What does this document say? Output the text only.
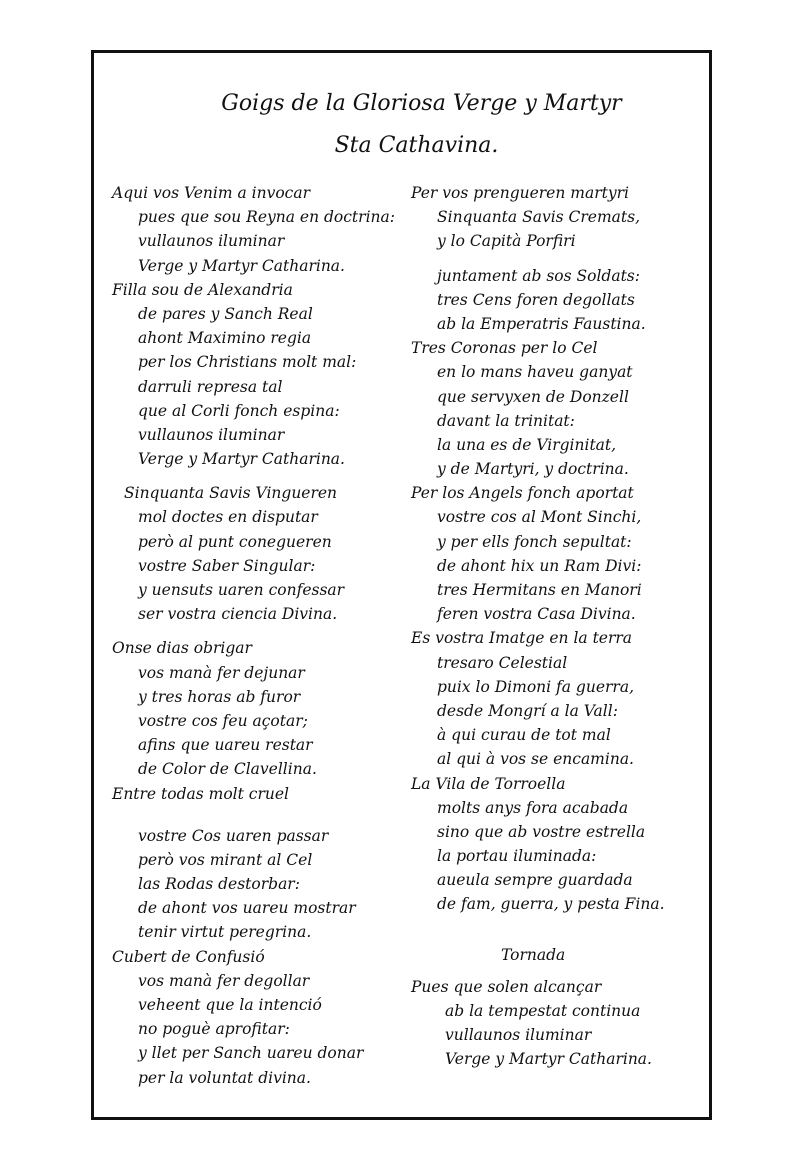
Goigs de la Gloriosa Verge y Martyr
Sta Cathavina.
Aqui vos Venim a invocar
pues que sou Reyna en doctrina:
vullaunos iluminar
Verge y Martyr Catharina.
Filla sou de Alexandria
de pares y Sanch Real
ahont Maximino regia
per los Christians molt mal:
darruli represa tal
que al Corli fonch espina:
vullaunos iluminar
Verge y Martyr Catharina.
Sinquanta Savis Vingueren
mol doctes en disputar
però al punt conegueren
vostre Saber Singular:
y uensuts uaren confessar
ser vostra ciencia Divina.
Onse dias obrigar
vos manà fer dejunar
y tres horas ab furor
vostre cos feu açotar;
afins que uareu restar
de Color de Clavellina.
Entre todas molt cruel
vostre Cos uaren passar
però vos mirant al Cel
las Rodas destorbar:
de ahont vos uareu mostrar
tenir virtut peregrina.
Cubert de Confusió
vos manà fer degollar
veheent que la intenció
no poguè aprofitar:
y llet per Sanch uareu donar
per la voluntat divina.
Per vos prengueren martyri
Sinquanta Savis Cremats,
y lo Capità Porfiri
juntament ab sos Soldats:
tres Cens foren degollats
ab la Emperatris Faustina.
Tres Coronas per lo Cel
en lo mans haveu ganyat
que servyxen de Donzell
davant la trinitat:
la una es de Virginitat,
y de Martyri, y doctrina.
Per los Angels fonch aportat
vostre cos al Mont Sinchi,
y per ells fonch sepultat:
de ahont hix un Ram Divi:
tres Hermitans en Manori
feren vostra Casa Divina.
Es vostra Imatge en la terra
tresaro Celestial
puix lo Dimoni fa guerra,
desde Mongrí a la Vall:
à qui curau de tot mal
al qui à vos se encamina.
La Vila de Torroella
molts anys fora acabada
sino que ab vostre estrella
la portau iluminada:
aueula sempre guardada
de fam, guerra, y pesta Fina.
Tornada
Pues que solen alcançar
ab la tempestat continua
vullaunos iluminar
Verge y Martyr Catharina.
